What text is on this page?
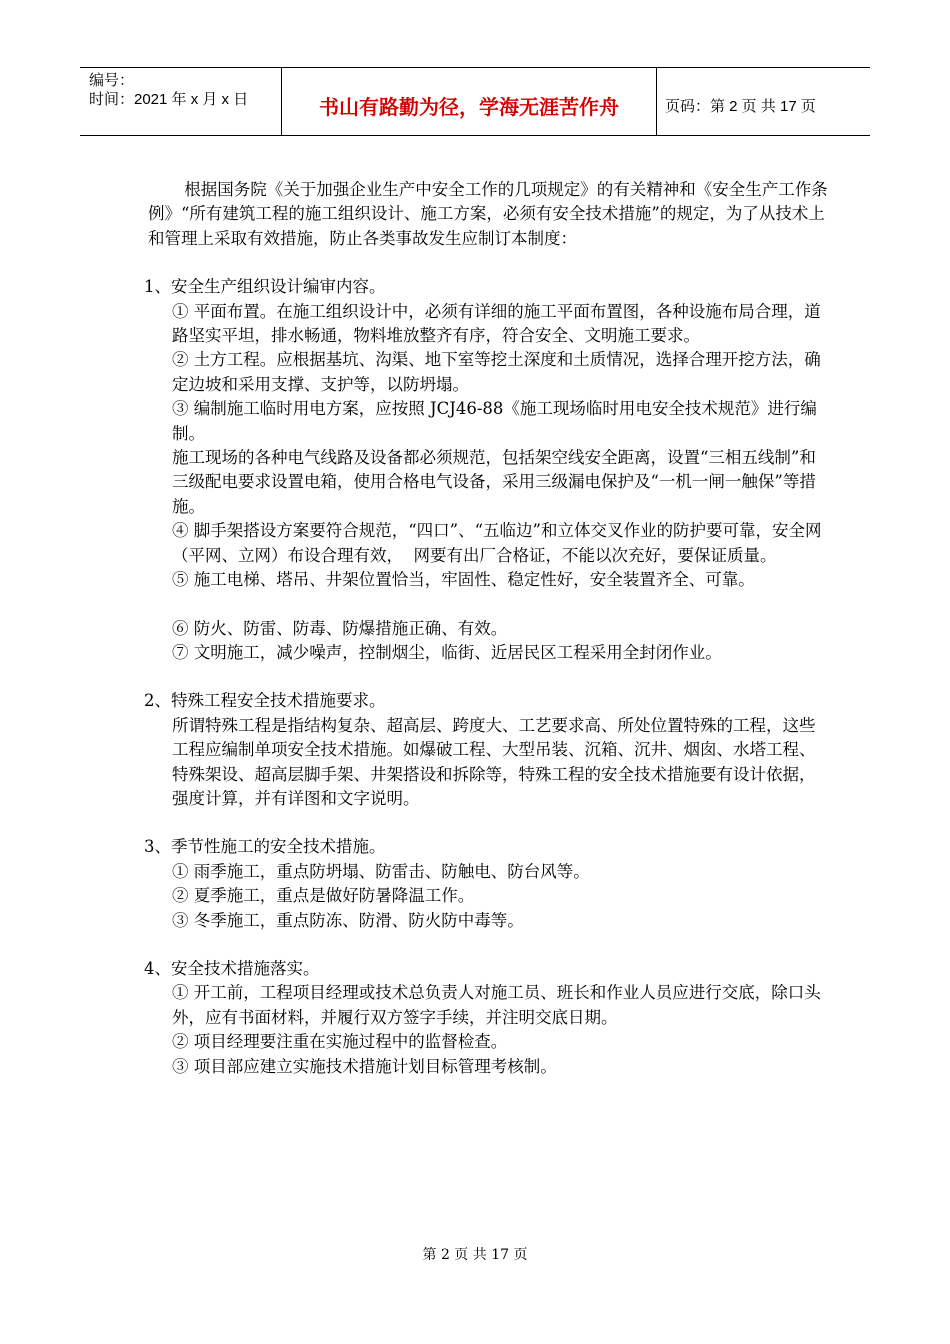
编号：
时间：2021 年 x 月 x 日	书山有路勤为径，学海无涯苦作舟	页码：第 2 页 共 17 页

根据国务院《关于加强企业生产中安全工作的几项规定》的有关精神和《安全生产工作条例》“所有建筑工程的施工组织设计、施工方案，必须有安全技术措施”的规定，为了从技术上和管理上采取有效措施，防止各类事故发生应制订本制度：

1、安全生产组织设计编审内容。

① 平面布置。在施工组织设计中，必须有详细的施工平面布置图，各种设施布局合理，道路坚实平坦，排水畅通，物料堆放整齐有序，符合安全、文明施工要求。

② 土方工程。应根据基坑、沟渠、地下室等挖土深度和土质情况，选择合理开挖方法，确定边坡和采用支撑、支护等，以防坍塌。

③ 编制施工临时用电方案，应按照 JCJ46-88《施工现场临时用电安全技术规范》进行编制。

施工现场的各种电气线路及设备都必须规范，包括架空线安全距离，设置“三相五线制”和三级配电要求设置电箱，使用合格电气设备，采用三级漏电保护及“一机一闸一触保”等措施。

④ 脚手架搭设方案要符合规范，“四口”、“五临边”和立体交叉作业的防护要可靠，安全网（平网、立网）布设合理有效，  网要有出厂合格证，不能以次充好，要保证质量。

⑤ 施工电梯、塔吊、井架位置恰当，牢固性、稳定性好，安全装置齐全、可靠。

⑥ 防火、防雷、防毒、防爆措施正确、有效。

⑦ 文明施工，减少噪声，控制烟尘，临街、近居民区工程采用全封闭作业。

2、特殊工程安全技术措施要求。

所谓特殊工程是指结构复杂、超高层、跨度大、工艺要求高、所处位置特殊的工程，这些工程应编制单项安全技术措施。如爆破工程、大型吊装、沉箱、沉井、烟囱、水塔工程、特殊架设、超高层脚手架、井架搭设和拆除等，特殊工程的安全技术措施要有设计依据，强度计算，并有详图和文字说明。

3、季节性施工的安全技术措施。

① 雨季施工，重点防坍塌、防雷击、防触电、防台风等。

② 夏季施工，重点是做好防暑降温工作。

③ 冬季施工，重点防冻、防滑、防火防中毒等。

4、安全技术措施落实。

① 开工前，工程项目经理或技术总负责人对施工员、班长和作业人员应进行交底，除口头外，应有书面材料，并履行双方签字手续，并注明交底日期。

② 项目经理要注重在实施过程中的监督检查。

③ 项目部应建立实施技术措施计划目标管理考核制。

第 2 页 共 17 页
